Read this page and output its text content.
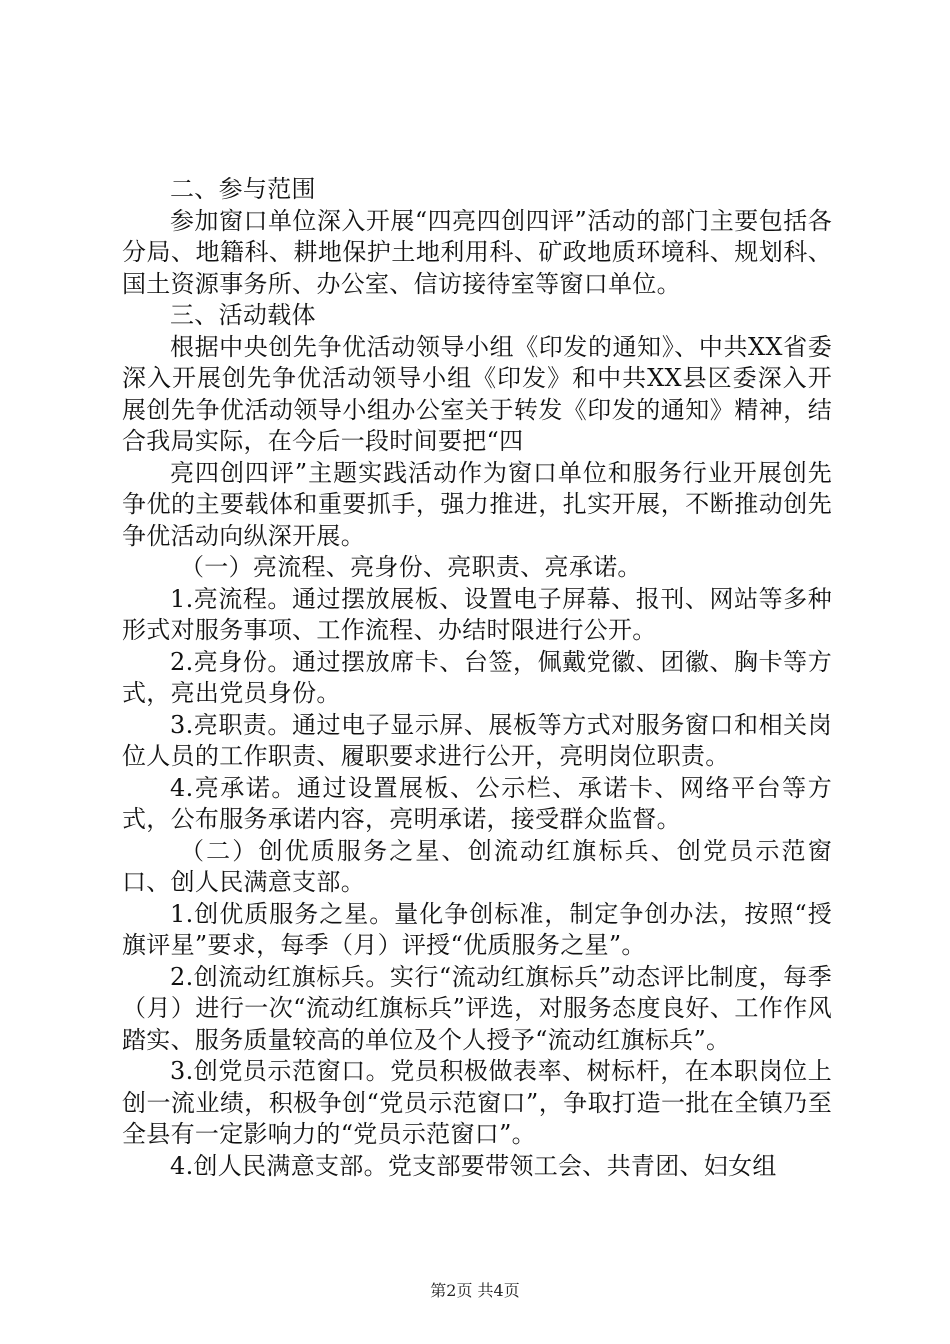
二、参与范围

参加窗口单位深入开展“四亮四创四评”活动的部门主要包括各分局、地籍科、耕地保护土地利用科、矿政地质环境科、规划科、国土资源事务所、办公室、信访接待室等窗口单位。

三、活动载体

根据中央创先争优活动领导小组《印发的通知》、中共XX省委深入开展创先争优活动领导小组《印发》和中共XX县区委深入开展创先争优活动领导小组办公室关于转发《印发的通知》精神，结合我局实际，在今后一段时间要把“四

亮四创四评”主题实践活动作为窗口单位和服务行业开展创先争优的主要载体和重要抓手，强力推进，扎实开展，不断推动创先争优活动向纵深开展。

（一）亮流程、亮身份、亮职责、亮承诺。

1.亮流程。通过摆放展板、设置电子屏幕、报刊、网站等多种形式对服务事项、工作流程、办结时限进行公开。

2.亮身份。通过摆放席卡、台签，佩戴党徽、团徽、胸卡等方式，亮出党员身份。

3.亮职责。通过电子显示屏、展板等方式对服务窗口和相关岗位人员的工作职责、履职要求进行公开，亮明岗位职责。

4.亮承诺。通过设置展板、公示栏、承诺卡、网络平台等方式，公布服务承诺内容，亮明承诺，接受群众监督。

（二）创优质服务之星、创流动红旗标兵、创党员示范窗口、创人民满意支部。

1.创优质服务之星。量化争创标准，制定争创办法，按照“授旗评星”要求，每季（月）评授“优质服务之星”。

2.创流动红旗标兵。实行“流动红旗标兵”动态评比制度，每季（月）进行一次“流动红旗标兵”评选，对服务态度良好、工作作风踏实、服务质量较高的单位及个人授予“流动红旗标兵”。

3.创党员示范窗口。党员积极做表率、树标杆，在本职岗位上创一流业绩，积极争创“党员示范窗口”，争取打造一批在全镇乃至全县有一定影响力的“党员示范窗口”。

4.创人民满意支部。党支部要带领工会、共青团、妇女组

第2页 共4页
